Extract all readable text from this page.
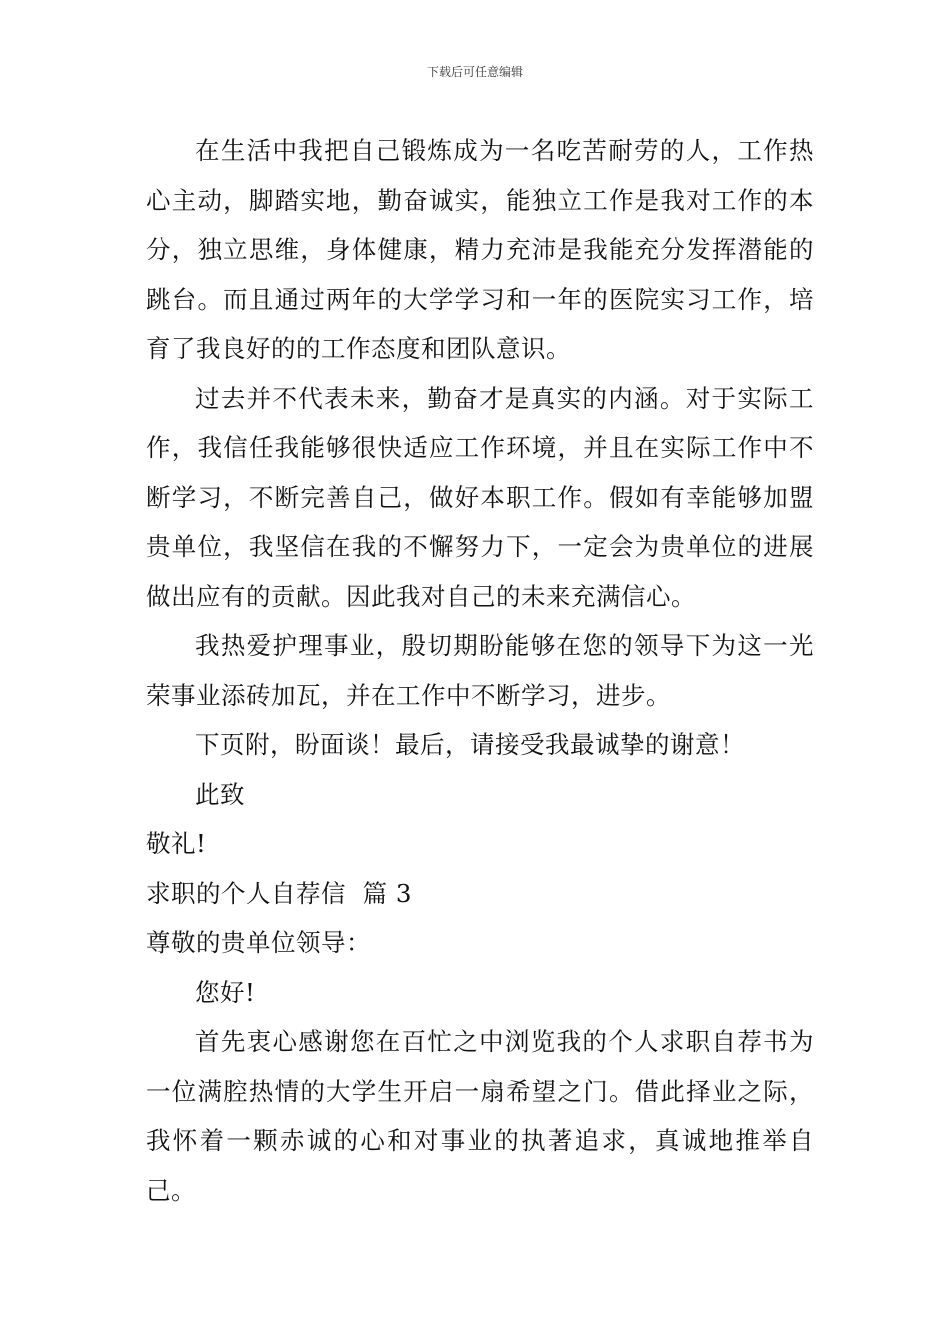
下载后可任意编辑

在生活中我把自己锻炼成为一名吃苦耐劳的人，工作热心主动，脚踏实地，勤奋诚实，能独立工作是我对工作的本分，独立思维，身体健康，精力充沛是我能充分发挥潜能的跳台。而且通过两年的大学学习和一年的医院实习工作，培育了我良好的的工作态度和团队意识。

过去并不代表未来，勤奋才是真实的内涵。对于实际工作，我信任我能够很快适应工作环境，并且在实际工作中不断学习，不断完善自己，做好本职工作。假如有幸能够加盟贵单位，我坚信在我的不懈努力下，一定会为贵单位的进展做出应有的贡献。因此我对自己的未来充满信心。

我热爱护理事业，殷切期盼能够在您的领导下为这一光荣事业添砖加瓦，并在工作中不断学习，进步。

下页附，盼面谈！最后，请接受我最诚挚的谢意！

此致

敬礼!

求职的个人自荐信  篇 3

尊敬的贵单位领导：

您好!

首先衷心感谢您在百忙之中浏览我的个人求职自荐书为一位满腔热情的大学生开启一扇希望之门。借此择业之际，我怀着一颗赤诚的心和对事业的执著追求，真诚地推举自己。
